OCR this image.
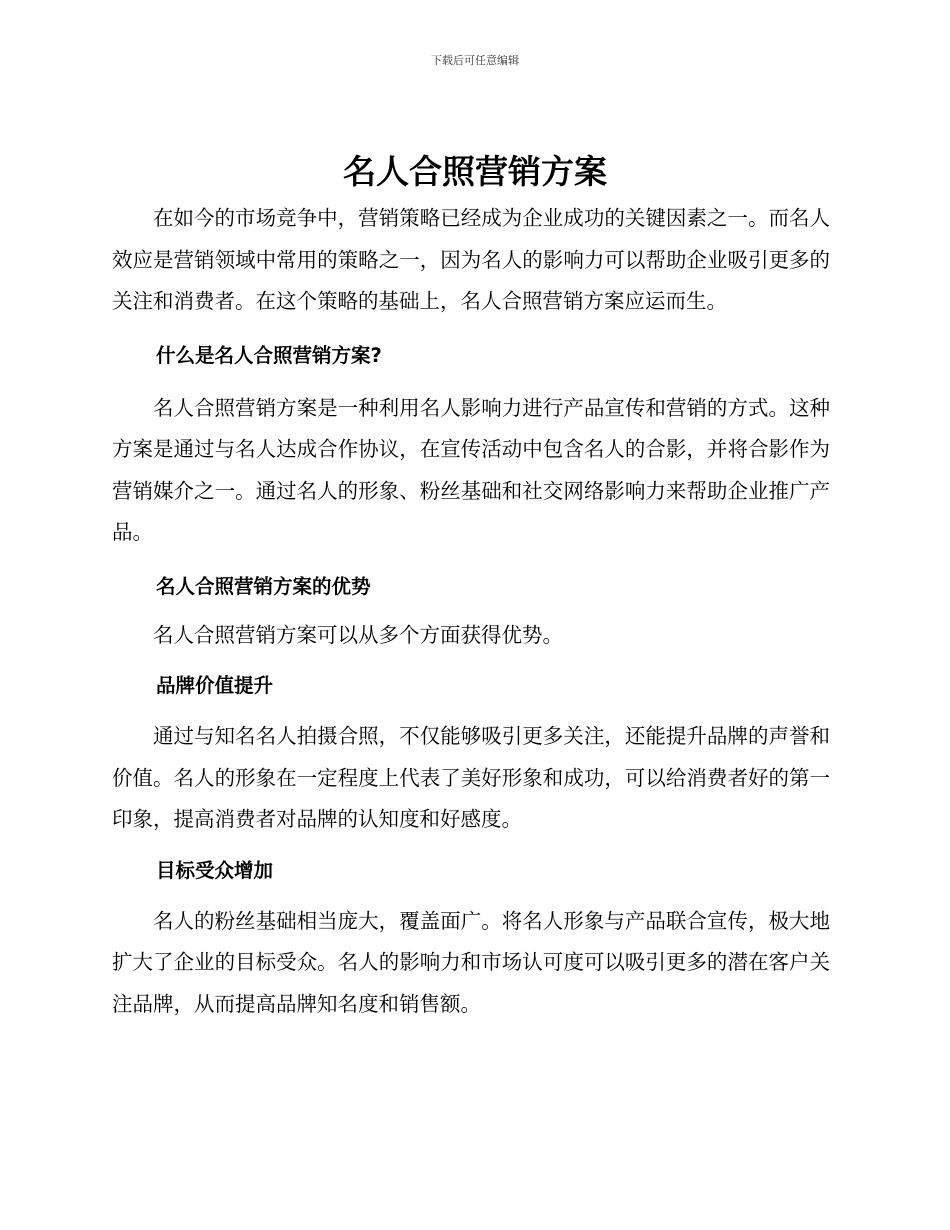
下载后可任意编辑
名人合照营销方案

在如今的市场竞争中，营销策略已经成为企业成功的关键因素之一。而名人效应是营销领域中常用的策略之一，因为名人的影响力可以帮助企业吸引更多的关注和消费者。在这个策略的基础上，名人合照营销方案应运而生。

什么是名人合照营销方案?

名人合照营销方案是一种利用名人影响力进行产品宣传和营销的方式。这种方案是通过与名人达成合作协议，在宣传活动中包含名人的合影，并将合影作为营销媒介之一。通过名人的形象、粉丝基础和社交网络影响力来帮助企业推广产品。

名人合照营销方案的优势

名人合照营销方案可以从多个方面获得优势。

品牌价值提升

通过与知名名人拍摄合照，不仅能够吸引更多关注，还能提升品牌的声誉和价值。名人的形象在一定程度上代表了美好形象和成功，可以给消费者好的第一印象，提高消费者对品牌的认知度和好感度。

目标受众增加

名人的粉丝基础相当庞大，覆盖面广。将名人形象与产品联合宣传，极大地扩大了企业的目标受众。名人的影响力和市场认可度可以吸引更多的潜在客户关注品牌，从而提高品牌知名度和销售额。
